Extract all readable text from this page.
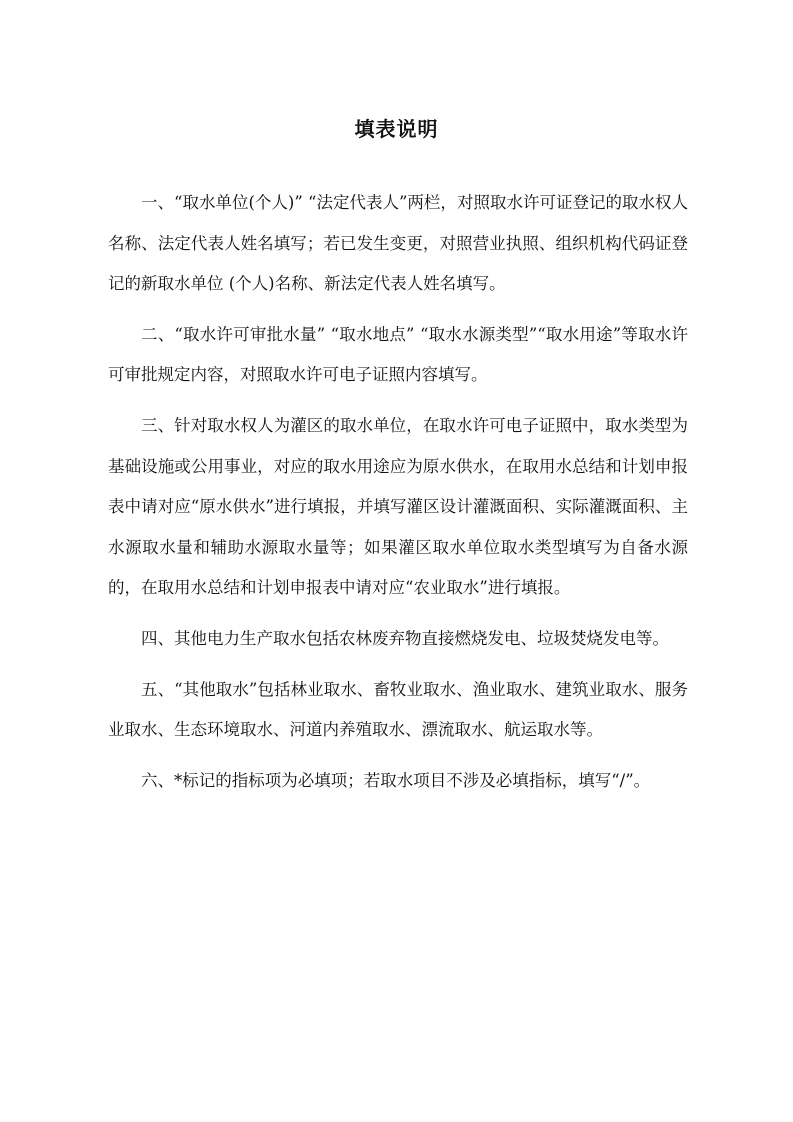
填表说明

一、“取水单位(个人)” “法定代表人”两栏，对照取水许可证登记的取水权人名称、法定代表人姓名填写；若已发生变更，对照营业执照、组织机构代码证登记的新取水单位 (个人)名称、新法定代表人姓名填写。

二、“取水许可审批水量” “取水地点” “取水水源类型”“取水用途”等取水许可审批规定内容，对照取水许可电子证照内容填写。

三、针对取水权人为灌区的取水单位，在取水许可电子证照中，取水类型为基础设施或公用事业，对应的取水用途应为原水供水，在取用水总结和计划申报表中请对应“原水供水”进行填报，并填写灌区设计灌溉面积、实际灌溉面积、主水源取水量和辅助水源取水量等；如果灌区取水单位取水类型填写为自备水源的，在取用水总结和计划申报表中请对应“农业取水”进行填报。

四、其他电力生产取水包括农林废弃物直接燃烧发电、垃圾焚烧发电等。

五、“其他取水”包括林业取水、畜牧业取水、渔业取水、建筑业取水、服务业取水、生态环境取水、河道内养殖取水、漂流取水、航运取水等。

六、*标记的指标项为必填项；若取水项目不涉及必填指标，填写“/”。
